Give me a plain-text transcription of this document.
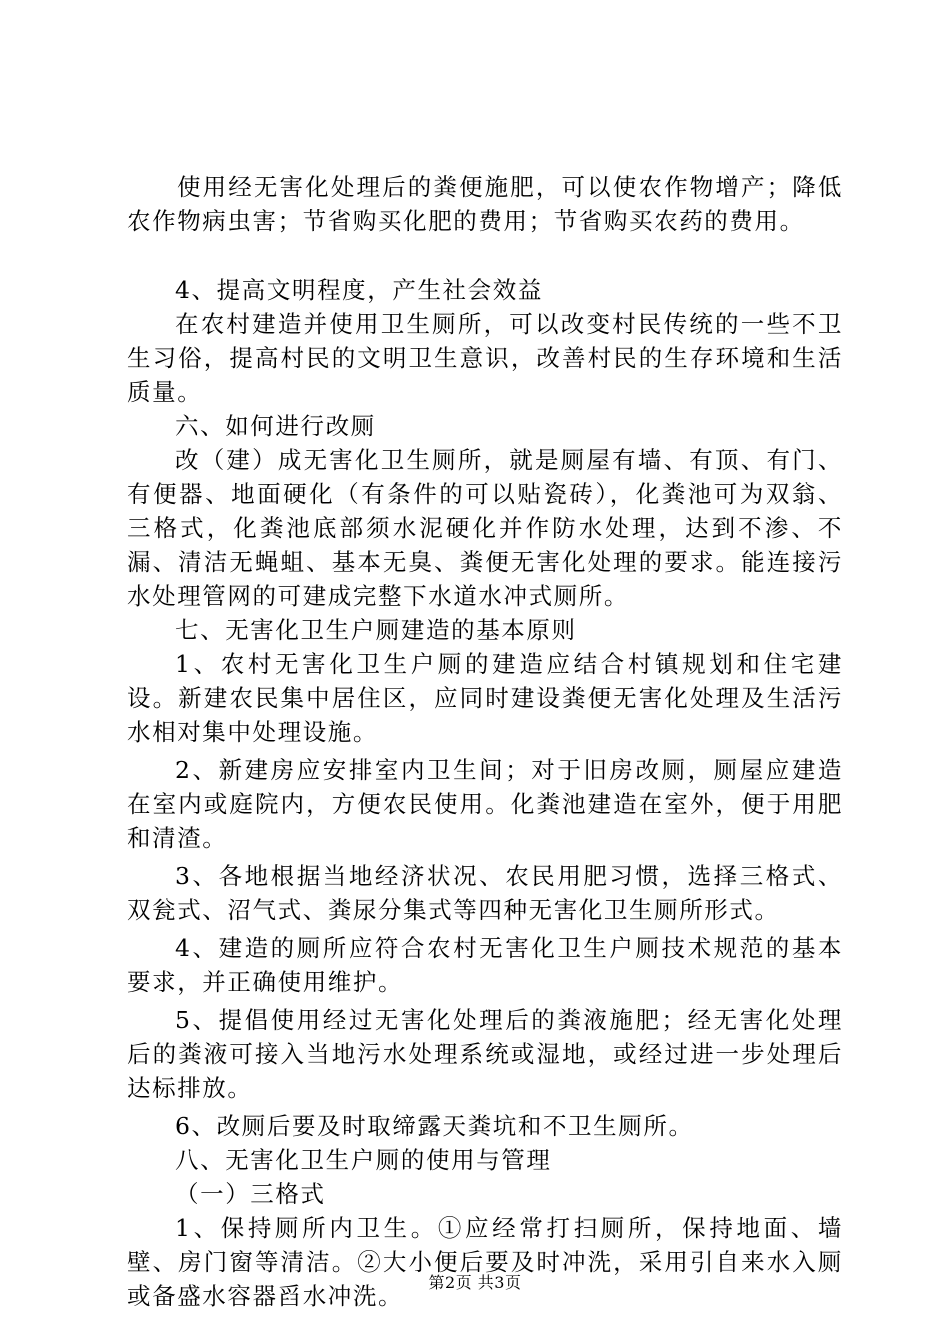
使用经无害化处理后的粪便施肥，可以使农作物增产；降低农作物病虫害；节省购买化肥的费用；节省购买农药的费用。

4、提高文明程度，产生社会效益

在农村建造并使用卫生厕所，可以改变村民传统的一些不卫生习俗，提高村民的文明卫生意识，改善村民的生存环境和生活质量。

六、如何进行改厕

改（建）成无害化卫生厕所，就是厕屋有墙、有顶、有门、有便器、地面硬化（有条件的可以贴瓷砖），化粪池可为双翁、三格式，化粪池底部须水泥硬化并作防水处理，达到不渗、不漏、清洁无蝇蛆、基本无臭、粪便无害化处理的要求。能连接污水处理管网的可建成完整下水道水冲式厕所。

七、无害化卫生户厕建造的基本原则

1、农村无害化卫生户厕的建造应结合村镇规划和住宅建设。新建农民集中居住区，应同时建设粪便无害化处理及生活污水相对集中处理设施。

2、新建房应安排室内卫生间；对于旧房改厕，厕屋应建造在室内或庭院内，方便农民使用。化粪池建造在室外，便于用肥和清渣。

3、各地根据当地经济状况、农民用肥习惯，选择三格式、双瓮式、沼气式、粪尿分集式等四种无害化卫生厕所形式。

4、建造的厕所应符合农村无害化卫生户厕技术规范的基本要求，并正确使用维护。

5、提倡使用经过无害化处理后的粪液施肥；经无害化处理后的粪液可接入当地污水处理系统或湿地，或经过进一步处理后达标排放。

6、改厕后要及时取缔露天粪坑和不卫生厕所。

八、无害化卫生户厕的使用与管理

（一）三格式

1、保持厕所内卫生。①应经常打扫厕所，保持地面、墙壁、房门窗等清洁。②大小便后要及时冲洗，采用引自来水入厕或备盛水容器舀水冲洗。	第2页 共3页
